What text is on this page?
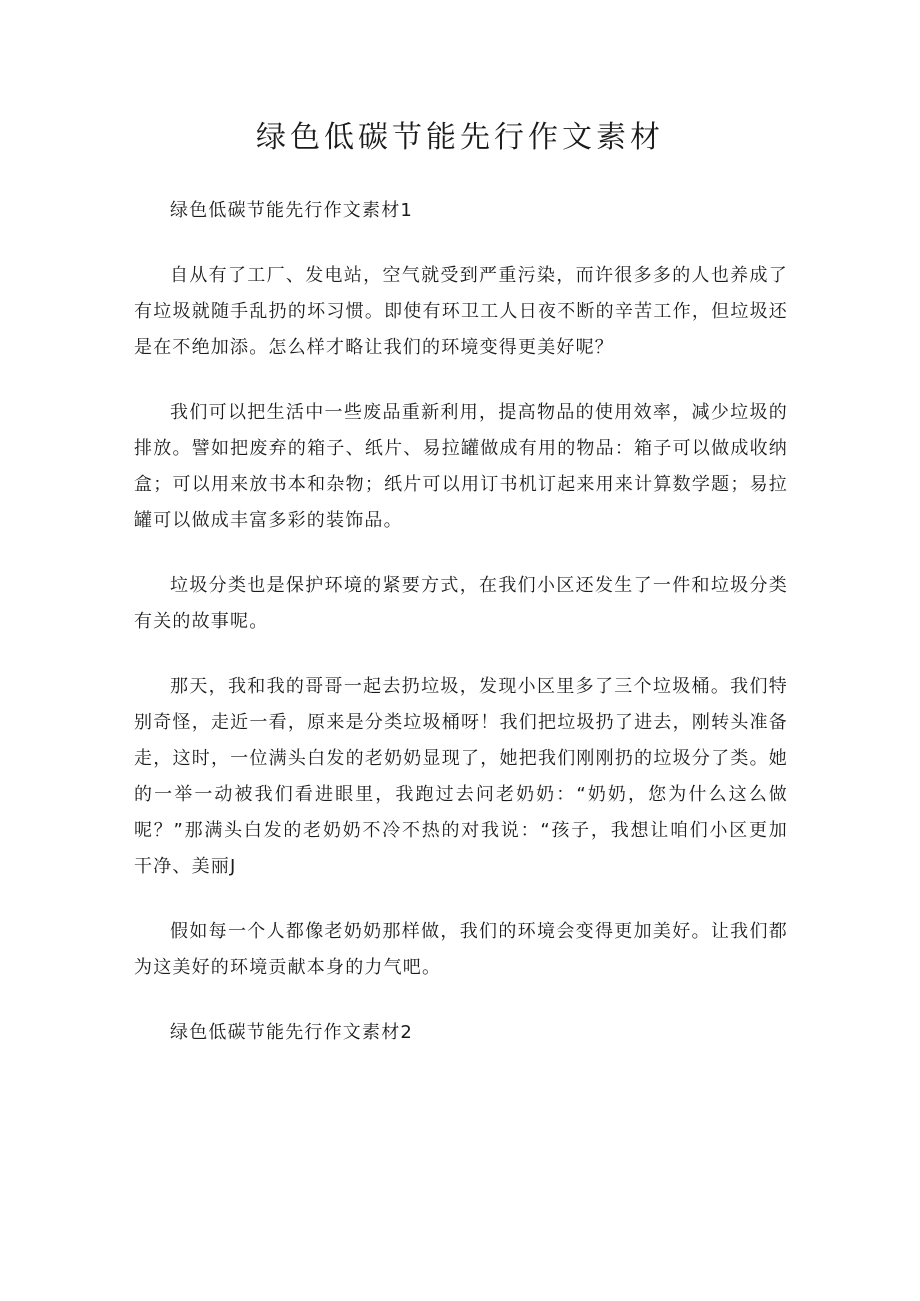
绿色低碳节能先行作文素材

绿色低碳节能先行作文素材1

自从有了工厂、发电站，空气就受到严重污染，而许很多多的人也养成了有垃圾就随手乱扔的坏习惯。即使有环卫工人日夜不断的辛苦工作，但垃圾还是在不绝加添。怎么样才略让我们的环境变得更美好呢？

我们可以把生活中一些废品重新利用，提高物品的使用效率，减少垃圾的排放。譬如把废弃的箱子、纸片、易拉罐做成有用的物品：箱子可以做成收纳盒；可以用来放书本和杂物；纸片可以用订书机订起来用来计算数学题；易拉罐可以做成丰富多彩的装饰品。

垃圾分类也是保护环境的紧要方式，在我们小区还发生了一件和垃圾分类有关的故事呢。

那天，我和我的哥哥一起去扔垃圾，发现小区里多了三个垃圾桶。我们特别奇怪，走近一看，原来是分类垃圾桶呀！我们把垃圾扔了进去，刚转头准备走，这时，一位满头白发的老奶奶显现了，她把我们刚刚扔的垃圾分了类。她的一举一动被我们看进眼里，我跑过去问老奶奶：“奶奶，您为什么这么做呢？”那满头白发的老奶奶不冷不热的对我说：“孩子，我想让咱们小区更加干净、美丽J

假如每一个人都像老奶奶那样做，我们的环境会变得更加美好。让我们都为这美好的环境贡献本身的力气吧。

绿色低碳节能先行作文素材2
